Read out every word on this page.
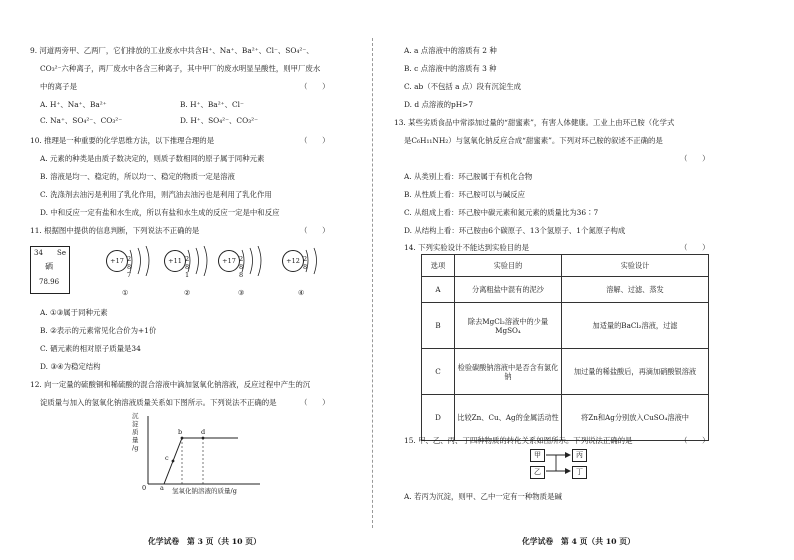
9. 河道两旁甲、乙两厂，它们排放的工业废水中共含H⁺、Na⁺、Ba²⁺、Cl⁻、SO₄²⁻、
CO₃²⁻六种离子，两厂废水中各含三种离子，其中甲厂的废水明显呈酸性，则甲厂废水
中的离子是	（　　）
A. H⁺、Na⁺、Ba²⁺	B. H⁺、Ba²⁺、Cl⁻
C. Na⁺、SO₄²⁻、CO₃²⁻	D. H⁺、SO₄²⁻、CO₃²⁻
10. 推理是一种重要的化学思维方法，以下推理合理的是	（　　）
A. 元素的种类是由质子数决定的，则质子数相同的原子属于同种元素
B. 溶液是均一、稳定的，所以均一、稳定的物质一定是溶液
C. 洗涤剂去油污是利用了乳化作用，则汽油去油污也是利用了乳化作用
D. 中和反应一定有盐和水生成，所以有盐和水生成的反应一定是中和反应
11. 根据图中提供的信息判断，下列说法不正确的是	（　　）
34 Se
硒
78.96
+17 2 8 7
①
+11 2 8 1
②
+17 2 8 8
③
+12 2 8
④
A. ①③属于同种元素
B. ②表示的元素常见化合价为+1价
C. 硒元素的相对原子质量是34
D. ③④为稳定结构
12. 向一定量的硫酸铜和稀硫酸的混合溶液中滴加氢氧化钠溶液，反应过程中产生的沉
淀质量与加入的氢氧化钠溶液质量关系如下图所示。下列说法不正确的是	（　　）
沉
淀
质
量
/g
0 a
b
c
d
氢氧化钠溶液的质量/g
化学试卷　第 3 页（共 10 页）
A. a 点溶液中的溶质有 2 种
B. c 点溶液中的溶质有 3 种
C. ab（不包括 a 点）段有沉淀生成
D. d 点溶液的pH>7
13. 某些劣质食品中常添加过量的“甜蜜素”，有害人体健康。工业上由环己胺（化学式
是C₆H₁₁NH₂）与氢氧化钠反应合成“甜蜜素”。下列对环己胺的叙述不正确的是
（　　）
A. 从类别上看：环己胺属于有机化合物
B. 从性质上看：环己胺可以与碱反应
C. 从组成上看：环己胺中碳元素和氮元素的质量比为36∶7
D. 从结构上看：环己胺由6个碳原子、13个氢原子、1个氮原子构成
14. 下列实验设计不能达到实验目的是	（　　）
选项	实验目的	实验设计
A	分离粗盐中混有的泥沙	溶解、过滤、蒸发
B	除去MgCl₂溶液中的少量MgSO₄	加适量的BaCl₂溶液，过滤
C	检验碳酸钠溶液中是否含有氯化钠	加过量的稀盐酸后，再滴加硝酸银溶液
D	比较Zn、Cu、Ag的金属活动性	将Zn和Ag分别放入CuSO₄溶液中
15. 甲、乙、丙、丁四种物质的转化关系如图所示。下列说法正确的是	（　　）
甲	丙
乙	丁
A. 若丙为沉淀，则甲、乙中一定有一种物质是碱
化学试卷　第 4 页（共 10 页）
